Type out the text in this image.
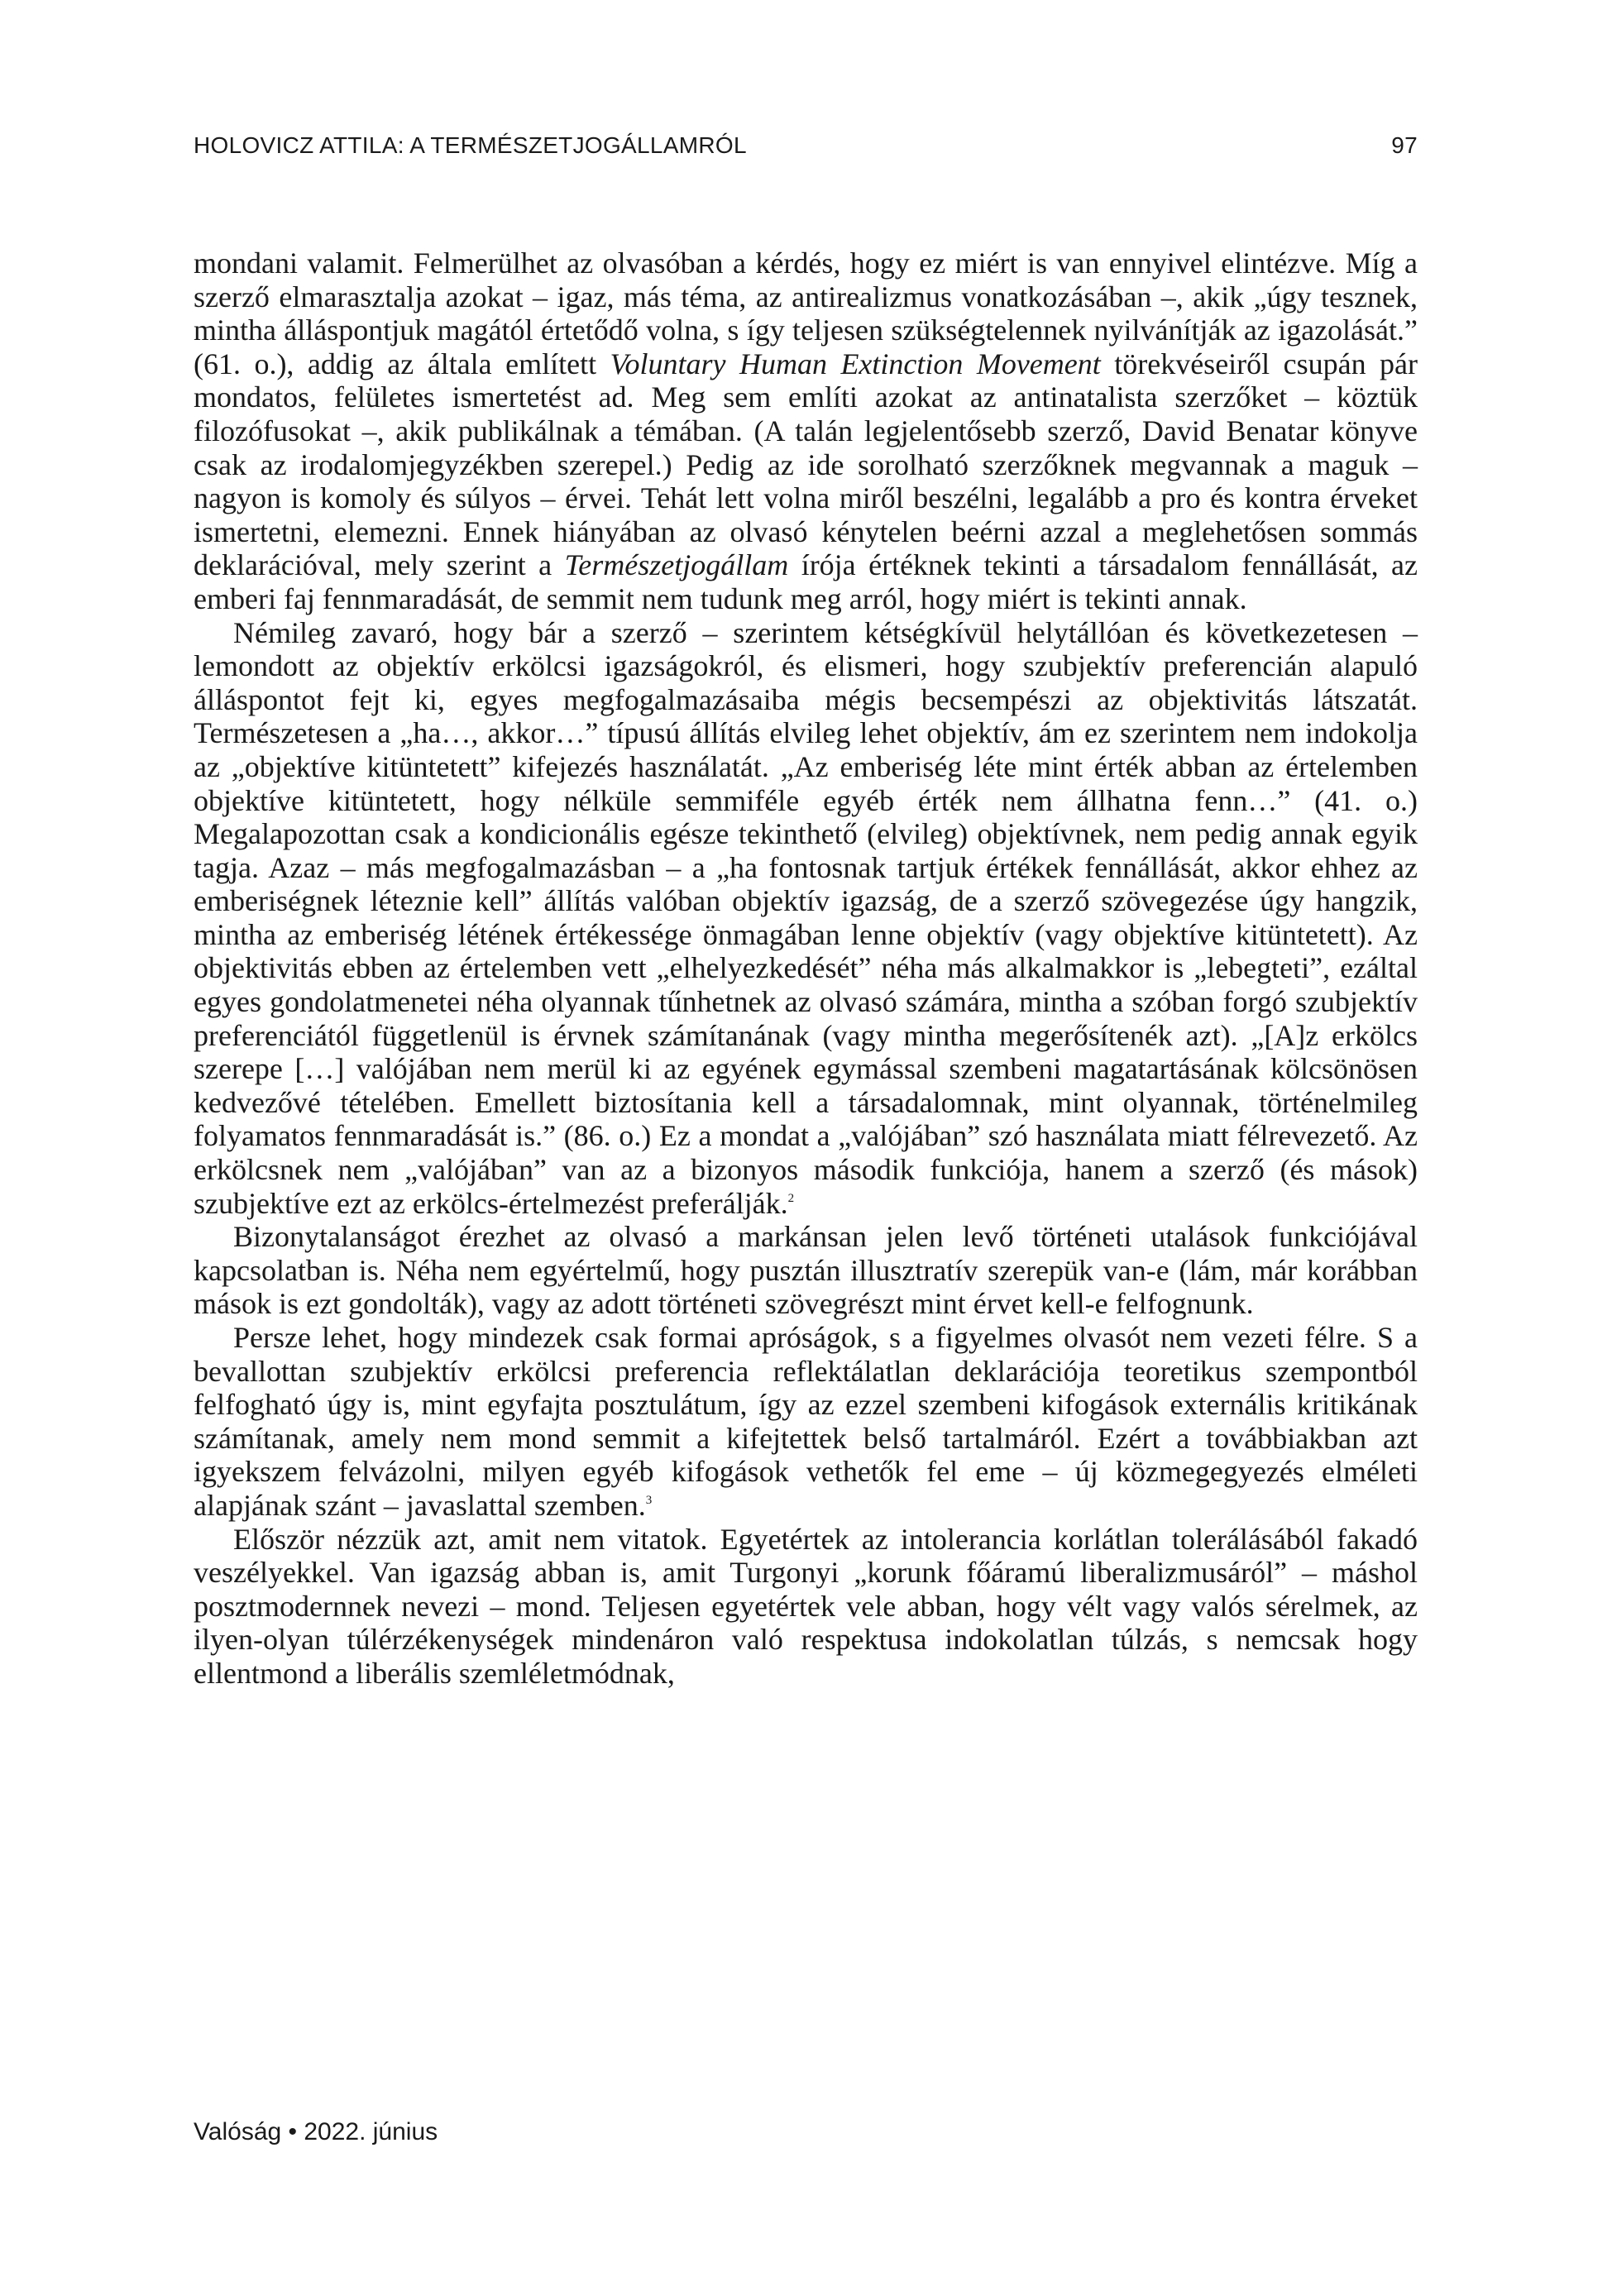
HOLOVICZ ATTILA: A TERMÉSZETJOGÁLLAMRÓL	97

mondani valamit. Felmerülhet az olvasóban a kérdés, hogy ez miért is van ennyivel elintézve. Míg a szerző elmarasztalja azokat – igaz, más téma, az antirealizmus vonatkozásában –, akik „úgy tesznek, mintha álláspontjuk magától értetődő volna, s így teljesen szükségtelennek nyilvánítják az igazolását.” (61. o.), addig az általa említett Voluntary Human Extinction Movement törekvéseiről csupán pár mondatos, felületes ismertetést ad. Meg sem említi azokat az antinatalista szerzőket – köztük filozófusokat –, akik publikálnak a témában. (A talán legjelentősebb szerző, David Benatar könyve csak az irodalomjegyzékben szerepel.) Pedig az ide sorolható szerzőknek megvannak a maguk – nagyon is komoly és súlyos – érvei. Tehát lett volna miről beszélni, legalább a pro és kontra érveket ismertetni, elemezni. Ennek hiányában az olvasó kénytelen beérni azzal a meglehetősen sommás deklarációval, mely szerint a Természetjogállam írója értéknek tekinti a társadalom fennállását, az emberi faj fennmaradását, de semmit nem tudunk meg arról, hogy miért is tekinti annak.

Némileg zavaró, hogy bár a szerző – szerintem kétségkívül helytállóan és következetesen – lemondott az objektív erkölcsi igazságokról, és elismeri, hogy szubjektív preferencián alapuló álláspontot fejt ki, egyes megfogalmazásaiba mégis becsempészi az objektivitás látszatát. Természetesen a „ha…, akkor…” típusú állítás elvileg lehet objektív, ám ez szerintem nem indokolja az „objektíve kitüntetett” kifejezés használatát. „Az emberiség léte mint érték abban az értelemben objektíve kitüntetett, hogy nélküle semmiféle egyéb érték nem állhatna fenn…” (41. o.) Megalapozottan csak a kondicionális egésze tekinthető (elvileg) objektívnek, nem pedig annak egyik tagja. Azaz – más megfogalmazásban – a „ha fontosnak tartjuk értékek fennállását, akkor ehhez az emberiségnek léteznie kell” állítás valóban objektív igazság, de a szerző szövegezése úgy hangzik, mintha az emberiség létének értékessége önmagában lenne objektív (vagy objektíve kitüntetett). Az objektivitás ebben az értelemben vett „elhelyezkedését” néha más alkalmakkor is „lebegteti”, ezáltal egyes gondolatmenetei néha olyannak tűnhetnek az olvasó számára, mintha a szóban forgó szubjektív preferenciától függetlenül is érvnek számítanának (vagy mintha megerősítenék azt). „[A]z erkölcs szerepe […] valójában nem merül ki az egyének egymással szembeni magatartásának kölcsönösen kedvezővé tételében. Emellett biztosítania kell a társadalomnak, mint olyannak, történelmileg folyamatos fennmaradását is.” (86. o.) Ez a mondat a „valójában” szó használata miatt félrevezető. Az erkölcsnek nem „valójában” van az a bizonyos második funkciója, hanem a szerző (és mások) szubjektíve ezt az erkölcs-értelmezést preferálják.$^2$

Bizonytalanságot érezhet az olvasó a markánsan jelen levő történeti utalások funkciójával kapcsolatban is. Néha nem egyértelmű, hogy pusztán illusztratív szerepük van-e (lám, már korábban mások is ezt gondolták), vagy az adott történeti szövegrészt mint érvet kell-e felfognunk.

Persze lehet, hogy mindezek csak formai apróságok, s a figyelmes olvasót nem vezeti félre. S a bevallottan szubjektív erkölcsi preferencia reflektálatlan deklarációja teoretikus szempontból felfogható úgy is, mint egyfajta posztulátum, így az ezzel szembeni kifogások externális kritikának számítanak, amely nem mond semmit a kifejtettek belső tartalmáról. Ezért a továbbiakban azt igyekszem felvázolni, milyen egyéb kifogások vethetők fel eme – új közmegegyezés elméleti alapjának szánt – javaslattal szemben.$^3$

Először nézzük azt, amit nem vitatok. Egyetértek az intolerancia korlátlan tolerálásából fakadó veszélyekkel. Van igazság abban is, amit Turgonyi „korunk főáramú liberalizmusáról” – máshol posztmodernnek nevezi – mond. Teljesen egyetértek vele abban, hogy vélt vagy valós sérelmek, az ilyen-olyan túlérzékenységek mindenáron való respektusa indokolatlan túlzás, s nemcsak hogy ellentmond a liberális szemléletmódnak,

Valóság • 2022. június
